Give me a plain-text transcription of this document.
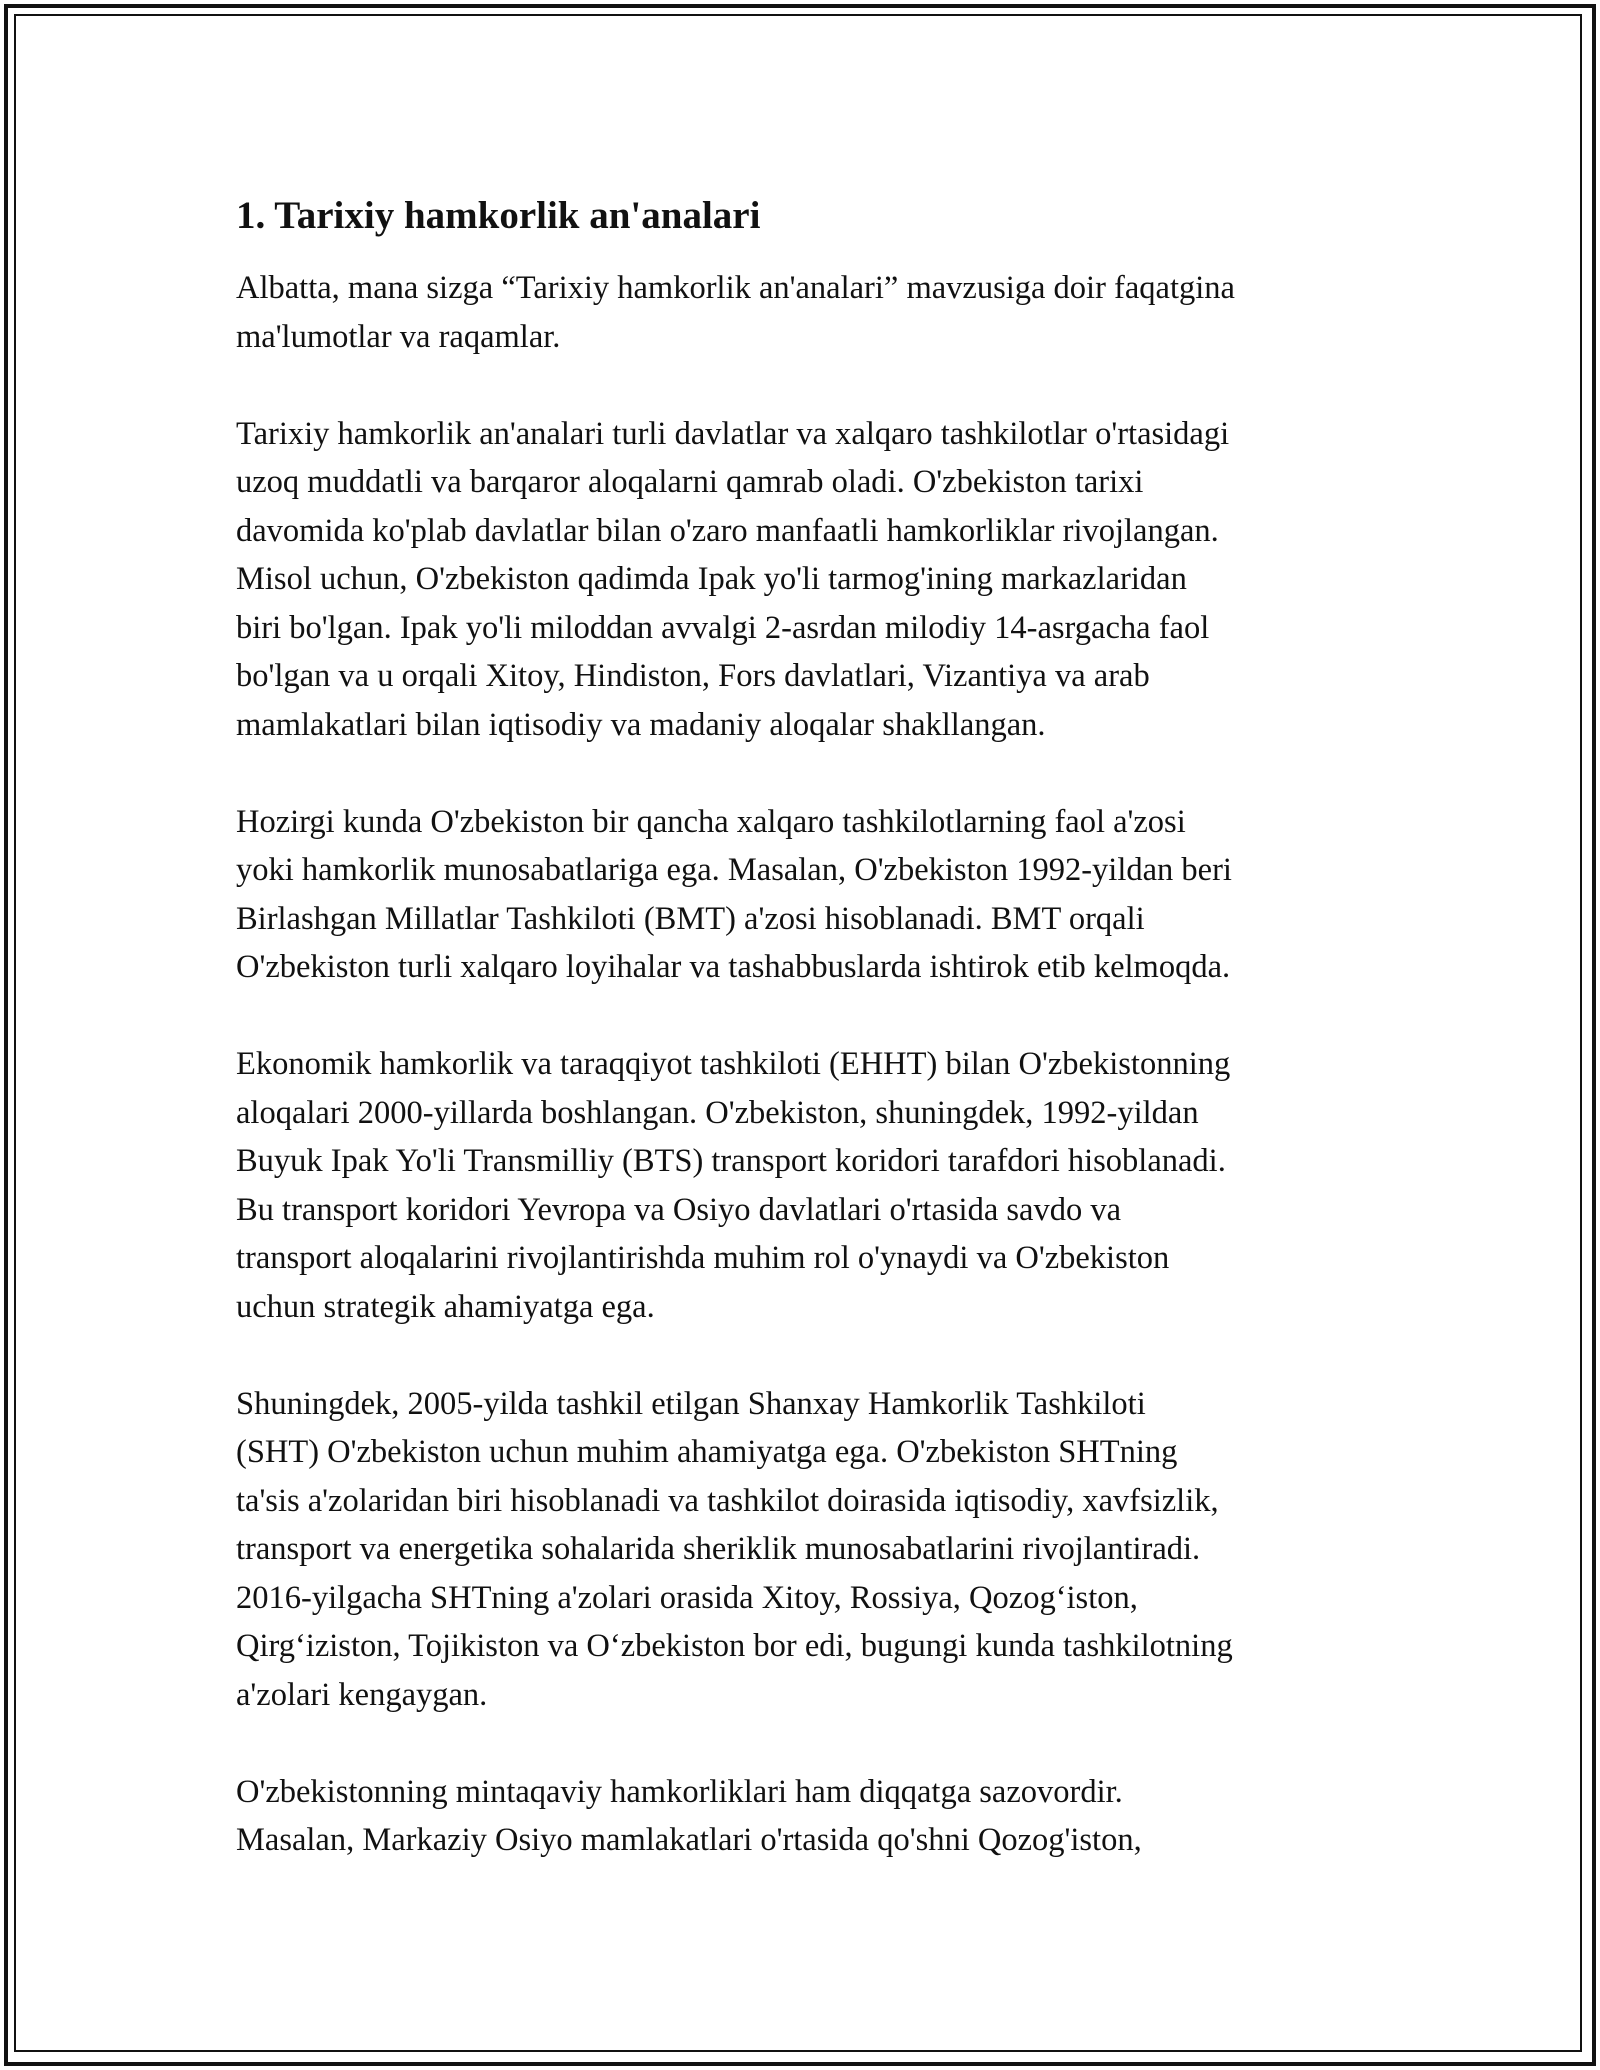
1. Tarixiy hamkorlik an'analari
Albatta, mana sizga “Tarixiy hamkorlik an'analari” mavzusiga doir faqatgina
ma'lumotlar va raqamlar.
Tarixiy hamkorlik an'analari turli davlatlar va xalqaro tashkilotlar o'rtasidagi
uzoq muddatli va barqaror aloqalarni qamrab oladi. O'zbekiston tarixi
davomida ko'plab davlatlar bilan o'zaro manfaatli hamkorliklar rivojlangan.
Misol uchun, O'zbekiston qadimda Ipak yo'li tarmog'ining markazlaridan
biri bo'lgan. Ipak yo'li miloddan avvalgi 2-asrdan milodiy 14-asrgacha faol
bo'lgan va u orqali Xitoy, Hindiston, Fors davlatlari, Vizantiya va arab
mamlakatlari bilan iqtisodiy va madaniy aloqalar shakllangan.
Hozirgi kunda O'zbekiston bir qancha xalqaro tashkilotlarning faol a'zosi
yoki hamkorlik munosabatlariga ega. Masalan, O'zbekiston 1992-yildan beri
Birlashgan Millatlar Tashkiloti (BMT) a'zosi hisoblanadi. BMT orqali
O'zbekiston turli xalqaro loyihalar va tashabbuslarda ishtirok etib kelmoqda.
Ekonomik hamkorlik va taraqqiyot tashkiloti (EHHT) bilan O'zbekistonning
aloqalari 2000-yillarda boshlangan. O'zbekiston, shuningdek, 1992-yildan
Buyuk Ipak Yo'li Transmilliy (BTS) transport koridori tarafdori hisoblanadi.
Bu transport koridori Yevropa va Osiyo davlatlari o'rtasida savdo va
transport aloqalarini rivojlantirishda muhim rol o'ynaydi va O'zbekiston
uchun strategik ahamiyatga ega.
Shuningdek, 2005-yilda tashkil etilgan Shanxay Hamkorlik Tashkiloti
(SHT) O'zbekiston uchun muhim ahamiyatga ega. O'zbekiston SHTning
ta'sis a'zolaridan biri hisoblanadi va tashkilot doirasida iqtisodiy, xavfsizlik,
transport va energetika sohalarida sheriklik munosabatlarini rivojlantiradi.
2016-yilgacha SHTning a'zolari orasida Xitoy, Rossiya, Qozog‘iston,
Qirg‘iziston, Tojikiston va O‘zbekiston bor edi, bugungi kunda tashkilotning
a'zolari kengaygan.
O'zbekistonning mintaqaviy hamkorliklari ham diqqatga sazovordir.
Masalan, Markaziy Osiyo mamlakatlari o'rtasida qo'shni Qozog'iston,
